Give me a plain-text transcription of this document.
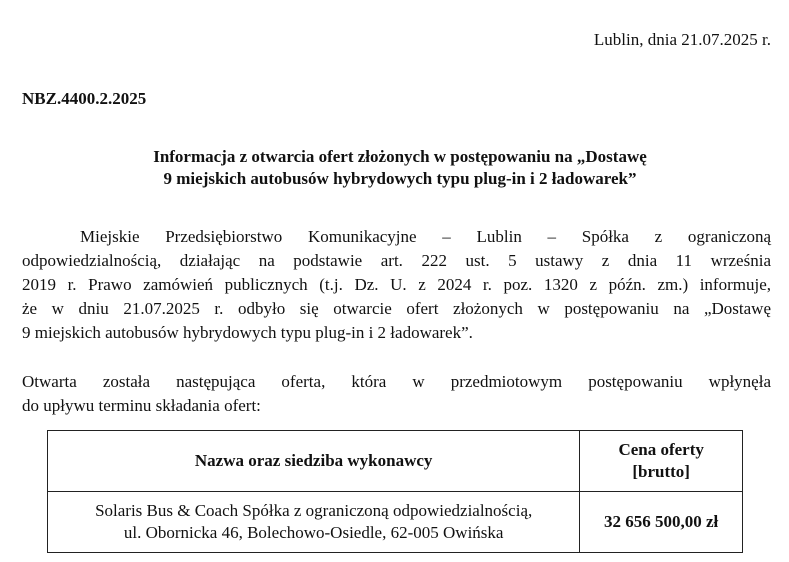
Lublin, dnia 21.07.2025 r.
NBZ.4400.2.2025
Informacja z otwarcia ofert złożonych w postępowaniu na „Dostawę
9 miejskich autobusów hybrydowych typu plug-in i 2 ładowarek”
Miejskie Przedsiębiorstwo Komunikacyjne – Lublin – Spółka z ograniczoną
odpowiedzialnością, działając na podstawie art. 222 ust. 5 ustawy z dnia 11 września
2019 r. Prawo zamówień publicznych (t.j. Dz. U. z 2024 r. poz. 1320 z późn. zm.) informuje,
że w dniu 21.07.2025 r. odbyło się otwarcie ofert złożonych w postępowaniu na „Dostawę
9 miejskich autobusów hybrydowych typu plug-in i 2 ładowarek”.
Otwarta została następująca oferta, która w przedmiotowym postępowaniu wpłynęła
do upływu terminu składania ofert:
Nazwa oraz siedziba wykonawcy	Cena oferty
[brutto]

Solaris Bus & Coach Spółka z ograniczoną odpowiedzialnością,
ul. Obornicka 46, Bolechowo-Osiedle, 62-005 Owińska	32 656 500,00 zł
